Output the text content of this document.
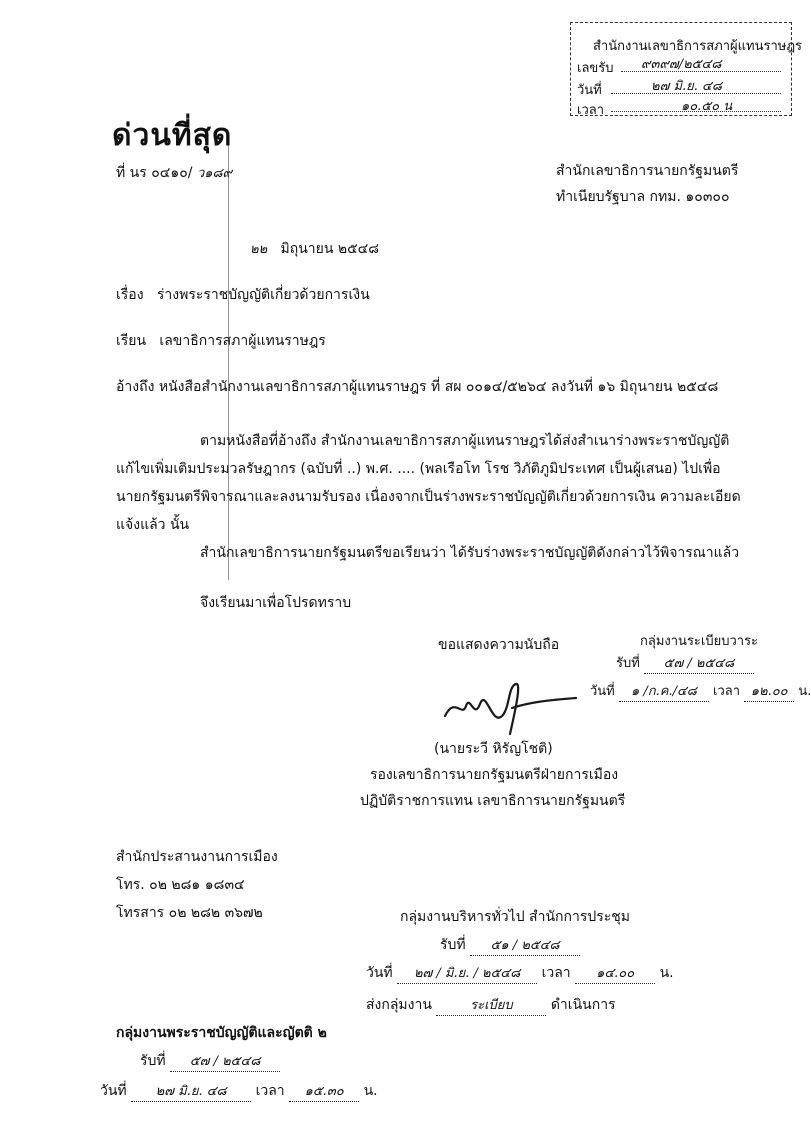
สำนักงานเลขาธิการสภาผู้แทนราษฎร
เลขรับ ๙๓๙๗/๒๕๔๘
วันที่	๒๗ มิ.ย. ๔๘
เวลา	๑๐.๕๐ น
ด่วนที่สุด
ที่ นร ๐๔๑๐/ ว๑๘๙	สำนักเลขาธิการนายกรัฐมนตรี
ทำเนียบรัฐบาล กทม. ๑๐๓๐๐
๒๒ มิถุนายน ๒๕๔๘
เรื่อง   ร่างพระราชบัญญัติเกี่ยวด้วยการเงิน
เรียน   เลขาธิการสภาผู้แทนราษฎร
อ้างถึง หนังสือสำนักงานเลขาธิการสภาผู้แทนราษฎร ที่ สผ ๐๐๑๔/๕๒๖๔ ลงวันที่ ๑๖ มิถุนายน ๒๕๔๘
ตามหนังสือที่อ้างถึง สำนักงานเลขาธิการสภาผู้แทนราษฎรได้ส่งสำเนาร่างพระราชบัญญัติ
แก้ไขเพิ่มเติมประมวลรัษฎากร (ฉบับที่ ..) พ.ศ. .... (พลเรือโท โรช วิภัติภูมิประเทศ เป็นผู้เสนอ) ไปเพื่อ
นายกรัฐมนตรีพิจารณาและลงนามรับรอง เนื่องจากเป็นร่างพระราชบัญญัติเกี่ยวด้วยการเงิน ความละเอียด
แจ้งแล้ว นั้น
สำนักเลขาธิการนายกรัฐมนตรีขอเรียนว่า ได้รับร่างพระราชบัญญัติดังกล่าวไว้พิจารณาแล้ว
จึงเรียนมาเพื่อโปรดทราบ
ขอแสดงความนับถือ	กลุ่มงานระเบียบวาระ
รับที่ ๕๗ / ๒๕๔๘
วันที่ ๑ /ก.ค./๔๘ เวลา ๑๒.๐๐ น.
(นายระวี หิรัญโชติ)
รองเลขาธิการนายกรัฐมนตรีฝ่ายการเมือง
ปฏิบัติราชการแทน เลขาธิการนายกรัฐมนตรี
สำนักประสานงานการเมือง
โทร. ๐๒ ๒๘๑ ๑๘๓๔
โทรสาร ๐๒ ๒๘๒ ๓๖๗๒	กลุ่มงานบริหารทั่วไป สำนักการประชุม
รับที่ ๕๑ / ๒๕๔๘
วันที่ ๒๗ / มิ.ย. / ๒๕๔๘ เวลา ๑๔.๐๐ น.
ส่งกลุ่มงาน	ระเบียบ	ดำเนินการ
กลุ่มงานพระราชบัญญัติและญัตติ ๒
รับที่ ๕๗ / ๒๕๔๘
วันที่ ๒๗ มิ.ย. ๔๘ เวลา ๑๕.๓๐ น.
